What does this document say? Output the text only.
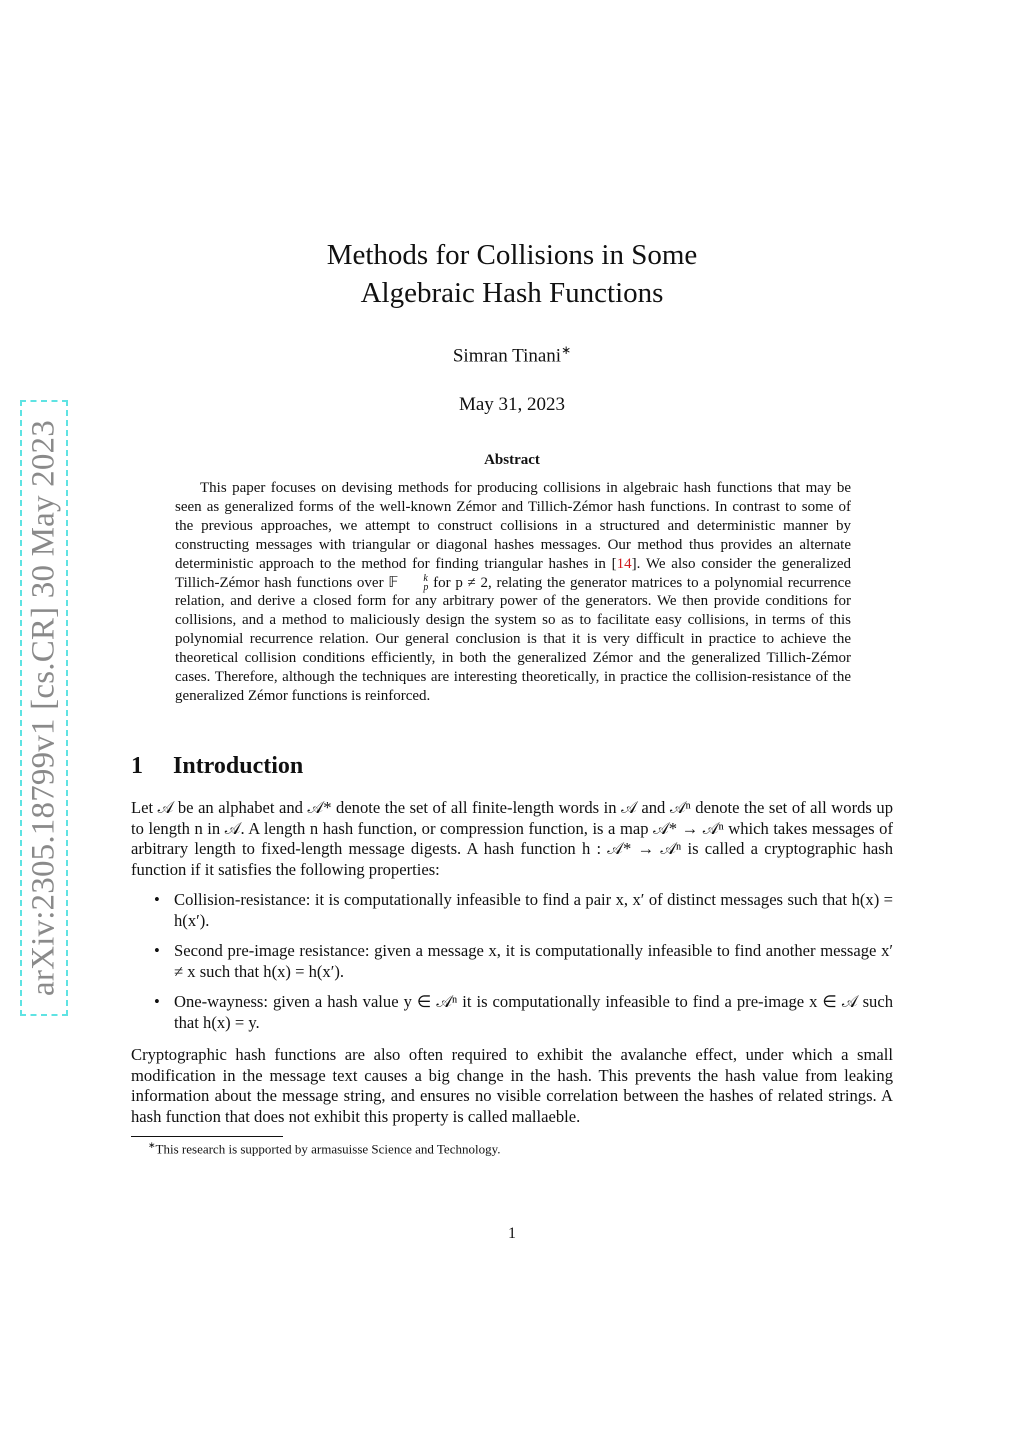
arXiv:2305.18799v1 [cs.CR] 30 May 2023
Methods for Collisions in Some
Algebraic Hash Functions
Simran Tinani∗
May 31, 2023
Abstract

This paper focuses on devising methods for producing collisions in algebraic hash functions that may be seen as generalized forms of the well-known Zémor and Tillich-Zémor hash functions. In contrast to some of the previous approaches, we attempt to construct collisions in a structured and deterministic manner by constructing messages with triangular or diagonal hashes messages. Our method thus provides an alternate deterministic approach to the method for finding triangular hashes in [14]. We also consider the generalized Tillich-Zémor hash functions over 𝔽	k
p for p ≠ 2, relating the generator matrices to a polynomial recurrence relation, and derive a closed form for any arbitrary power of the generators. We then provide conditions for collisions, and a method to maliciously design the system so as to facilitate easy collisions, in terms of this polynomial recurrence relation. Our general conclusion is that it is very difficult in practice to achieve the theoretical collision conditions efficiently, in both the generalized Zémor and the generalized Tillich-Zémor cases. Therefore, although the techniques are interesting theoretically, in practice the collision-resistance of the generalized Zémor functions is reinforced.

1 Introduction

Let 𝒜 be an alphabet and 𝒜* denote the set of all finite-length words in 𝒜 and 𝒜ⁿ denote the set of all words up to length n in 𝒜. A length n hash function, or compression function, is a map 𝒜* → 𝒜ⁿ which takes messages of arbitrary length to fixed-length message digests. A hash function h : 𝒜* → 𝒜ⁿ is called a cryptographic hash function if it satisfies the following properties:

• Collision-resistance: it is computationally infeasible to find a pair x, x′ of distinct messages such that h(x) = h(x′).
• Second pre-image resistance: given a message x, it is computationally infeasible to find another message x′ ≠ x such that h(x) = h(x′).
• One-wayness: given a hash value y ∈ 𝒜ⁿ it is computationally infeasible to find a pre-image x ∈ 𝒜 such that h(x) = y.

Cryptographic hash functions are also often required to exhibit the avalanche effect, under which a small modification in the message text causes a big change in the hash. This prevents the hash value from leaking information about the message string, and ensures no visible correlation between the hashes of related strings. A hash function that does not exhibit this property is called mallaeble.

∗This research is supported by armasuisse Science and Technology.
1
